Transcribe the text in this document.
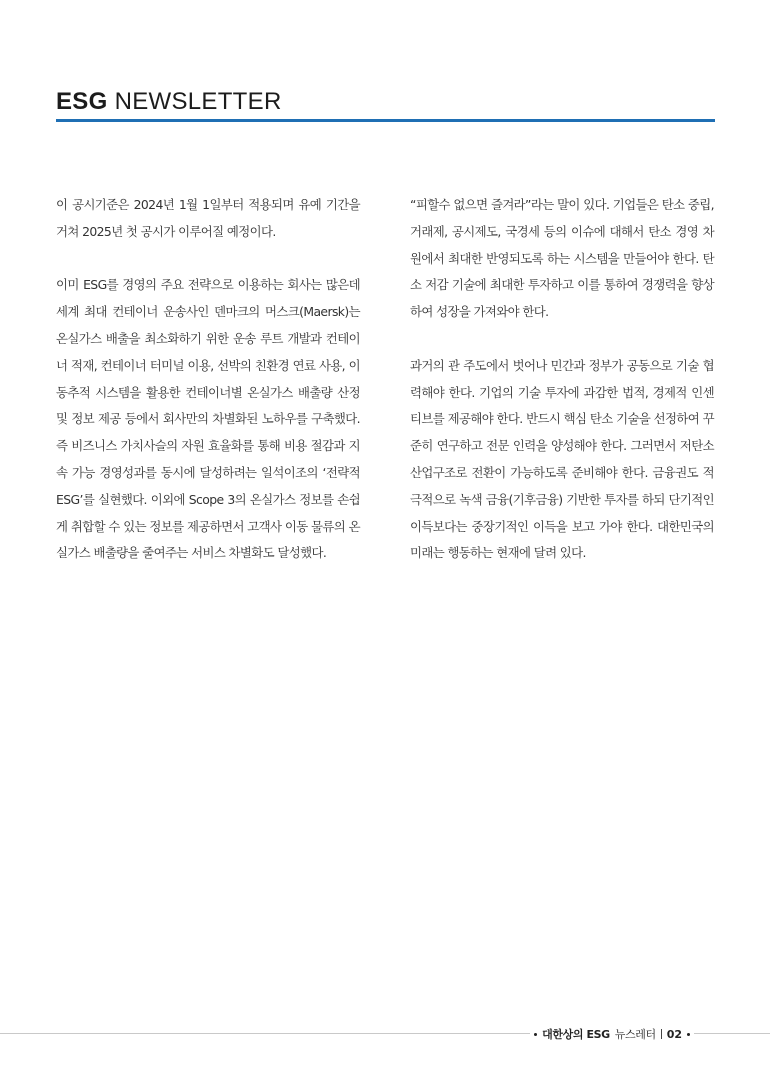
ESG NEWSLETTER

이 공시기준은 2024년 1월 1일부터 적용되며 유예 기간을 거쳐 2025년 첫 공시가 이루어질 예정이다.

이미 ESG를 경영의 주요 전략으로 이용하는 회사는 많은데 세계 최대 컨테이너 운송사인 덴마크의 머스크(Maersk)는 온실가스 배출을 최소화하기 위한 운송 루트 개발과 컨테이너 적재, 컨테이너 터미널 이용, 선박의 친환경 연료 사용, 이동추적 시스템을 활용한 컨테이너별 온실가스 배출량 산정 및 정보 제공 등에서 회사만의 차별화된 노하우를 구축했다. 즉 비즈니스 가치사슬의 자원 효율화를 통해 비용 절감과 지속 가능 경영성과를 동시에 달성하려는 일석이조의 ‘전략적 ESG’를 실현했다. 이외에 Scope 3의 온실가스 정보를 손쉽게 취합할 수 있는 정보를 제공하면서 고객사 이동 물류의 온실가스 배출량을 줄여주는 서비스 차별화도 달성했다.

“피할수 없으면 즐겨라”라는 말이 있다. 기업들은 탄소 중립, 거래제, 공시제도, 국경세 등의 이슈에 대해서 탄소 경영 차원에서 최대한 반영되도록 하는 시스템을 만들어야 한다. 탄소 저감 기술에 최대한 투자하고 이를 통하여 경쟁력을 향상하여 성장을 가져와야 한다.

과거의 관 주도에서 벗어나 민간과 정부가 공동으로 기술 협력해야 한다. 기업의 기술 투자에 과감한 법적, 경제적 인센티브를 제공해야 한다. 반드시 핵심 탄소 기술을 선정하여 꾸준히 연구하고 전문 인력을 양성해야 한다. 그러면서 저탄소 산업구조로 전환이 가능하도록 준비해야 한다. 금융권도 적극적으로 녹색 금융(기후금융) 기반한 투자를 하되 단기적인 이득보다는 중장기적인 이득을 보고 가야 한다. 대한민국의 미래는 행동하는 현재에 달려 있다.

대한상의 ESG 뉴스레터 02
